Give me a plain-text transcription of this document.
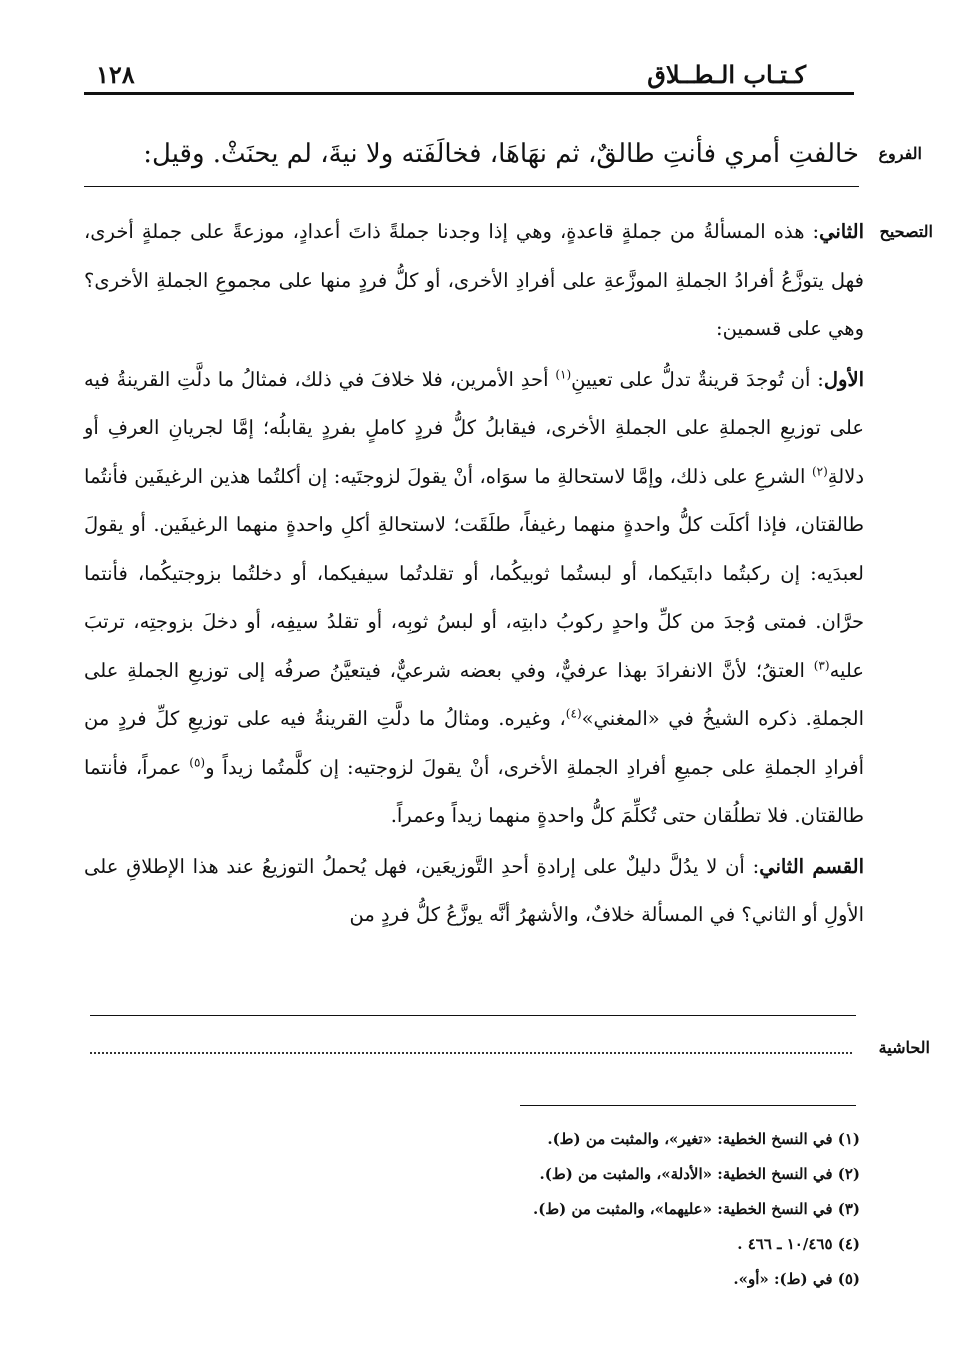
كـتـاب الـطــلاق
١٢٨
الفروع
خالفتِ أمري فأنتِ طالقٌ، ثم نهَاهَا، فخالَفَته ولا نيةَ، لم يحنَثْ. وقيل:
التصحيح

الثاني: هذه المسألةُ من جملةٍ قاعدةٍ، وهي إذا وجدنا جملةً ذاتَ أعدادٍ، موزعةً على جملةٍ أخرى، فهل يتوزَّعُ أفرادُ الجملةِ الموزَّعةِ على أفرادِ الأخرى، أو كلُّ فردٍ منها على مجموعِ الجملةِ الأخرى؟ وهي على قسمين:

الأول: أن تُوجدَ قرينةٌ تدلُّ على تعيينِ$^{(١)}$ أحدِ الأمرين، فلا خلافَ في ذلك، فمثالُ ما دلَّتِ القرينةُ فيه على توزيعِ الجملةِ على الجملةِ الأخرى، فيقابلُ كلُّ فردٍ كاملٍ بفردٍ يقابلُه؛ إمَّا لجريانِ العرفِ أو دلالةِ$^{(٢)}$ الشرعِ على ذلك، وإمَّا لاستحالةِ ما سوَاه، أنْ يقولَ لزوجتَيه: إن أكلتُما هذين الرغيفَين فأنتُما طالقتان، فإذا أكلَت كلُّ واحدةٍ منهما رغيفاً، طلَقَت؛ لاستحالةِ أكلِ واحدةٍ منهما الرغيفَين. أو يقولَ لعبدَيه: إن ركبتُما دابتَيكما، أو لبستُما ثوبيكُما، أو تقلدتُما سيفيكما، أو دخلتُما بزوجتيكُما، فأنتما حرَّان. فمتى وُجدَ من كلِّ واحدٍ ركوبُ دابتِه، أو لبسُ ثوبِه، أو تقلدُ سيفِه، أو دخلَ بزوجتِه، ترتبَ عليه$^{(٣)}$ العتقُ؛ لأنَّ الانفرادَ بهذا عرفيٌّ، وفي بعضه شرعيٌّ، فيتعيَّنُ صرفُه إلى توزيعِ الجملةِ على الجملةِ. ذكره الشيخُ في «المغني»$^{(٤)}$، وغيره. ومثالُ ما دلَّتِ القرينةُ فيه على توزيعِ كلِّ فردٍ من أفرادِ الجملةِ على جميعِ أفرادِ الجملةِ الأخرى، أنْ يقولَ لزوجتيه: إن كلَّمتُما زيداً و$^{(٥)}$ عمراً، فأنتما طالقتان. فلا تطلُقان حتى تُكلِّمَ كلُّ واحدةٍ منهما زيداً وعمراً.

القسم الثاني: أن لا يدُلَّ دليلٌ على إرادةِ أحدِ التَّوزيعَين، فهل يُحملُ التوزيعُ عند هذا الإطلاقِ على الأولِ أو الثاني؟ في المسألة خلافٌ، والأشهرُ أنَّه يوزَّعُ كلُّ فردٍ من

الحاشية
(١) في النسخ الخطية: «تغير»، والمثبت من (ط).
(٢) في النسخ الخطية: «الأدلة»، والمثبت من (ط).
(٣) في النسخ الخطية: «عليهما»، والمثبت من (ط).
(٤) ١٠/٤٦٥ ـ ٤٦٦ .
(٥) في (ط): «أو».
